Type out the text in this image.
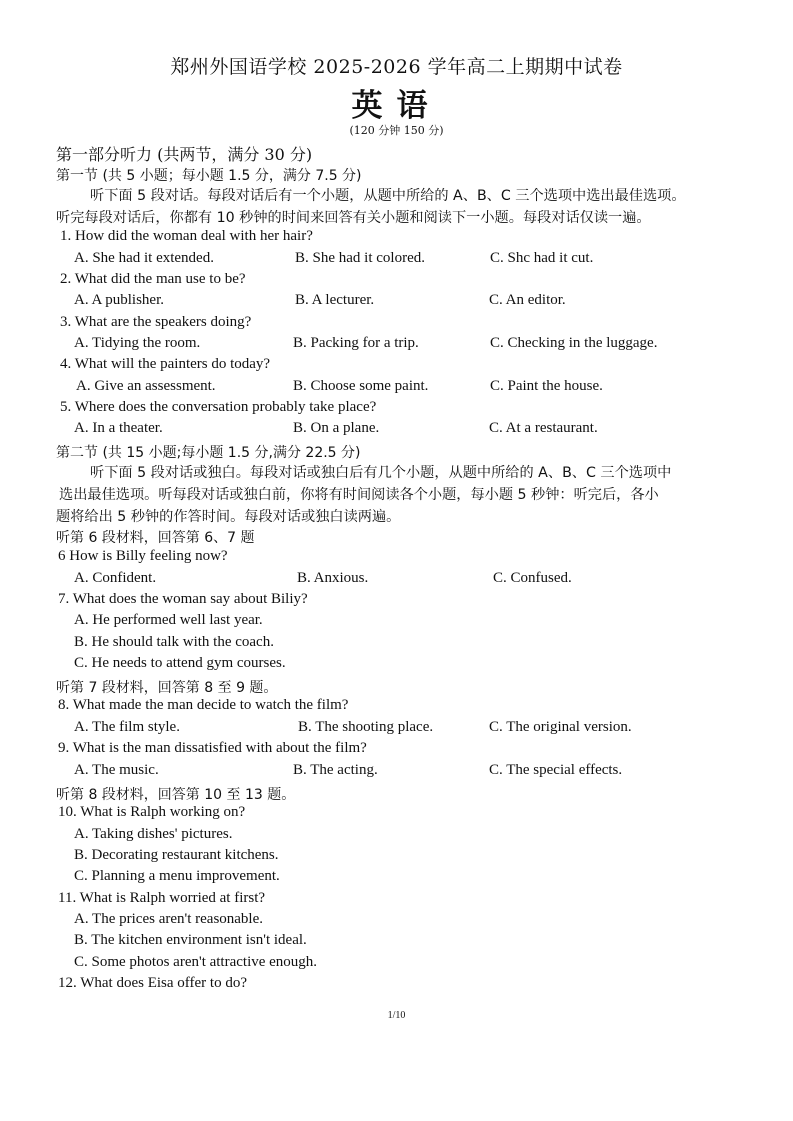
郑州外国语学校 2025-2026 学年高二上期期中试卷
英语
(120 分钟 150 分)
第一部分听力 (共两节，满分 30 分)
第一节 (共 5 小题；每小题 1.5 分，满分 7.5 分)
听下面 5 段对话。每段对话后有一个小题，从题中所给的 A、B、C 三个选项中选出最佳选项。
听完每段对话后，你都有 10 秒钟的时间来回答有关小题和阅读下一小题。每段对话仅读一遍。
1. How did the woman deal with her hair?
A. She had it extended.	B. She had it colored.	C. Shc had it cut.
2. What did the man use to be?
A. A publisher.	B. A lecturer.	C. An editor.
3. What are the speakers doing?
A. Tidying the room.	B. Packing for a trip.	C. Checking in the luggage.
4. What will the painters do today?
A. Give an assessment.	B. Choose some paint.	C. Paint the house.
5. Where does the conversation probably take place?
A. In a theater.	B. On a plane.	C. At a restaurant.
第二节 (共 15 小题;每小题 1.5 分,满分 22.5 分)
听下面 5 段对话或独白。每段对话或独白后有几个小题，从题中所给的 A、B、C 三个选项中
选出最佳选项。听每段对话或独白前，你将有时间阅读各个小题，每小题 5 秒钟：听完后，各小
题将给出 5 秒钟的作答时间。每段对话或独白读两遍。
听第 6 段材料，回答第 6、7 题
6 How is Billy feeling now?
A. Confident.	B. Anxious.	C. Confused.
7. What does the woman say about Biliy?
A. He performed well last year.
B. He should talk with the coach.
C. He needs to attend gym courses.
听第 7 段材料，回答第 8 至 9 题。
8. What made the man decide to watch the film?
A. The film style.	B. The shooting place.	C. The original version.
9. What is the man dissatisfied with about the film?
A. The music.	B. The acting.	C. The special effects.
听第 8 段材料，回答第 10 至 13 题。
10. What is Ralph working on?
A. Taking dishes' pictures.
B. Decorating restaurant kitchens.
C. Planning a menu improvement.
11. What is Ralph worried at first?
A. The prices aren't reasonable.
B. The kitchen environment isn't ideal.
C. Some photos aren't attractive enough.
12. What does Eisa offer to do?
1/10
